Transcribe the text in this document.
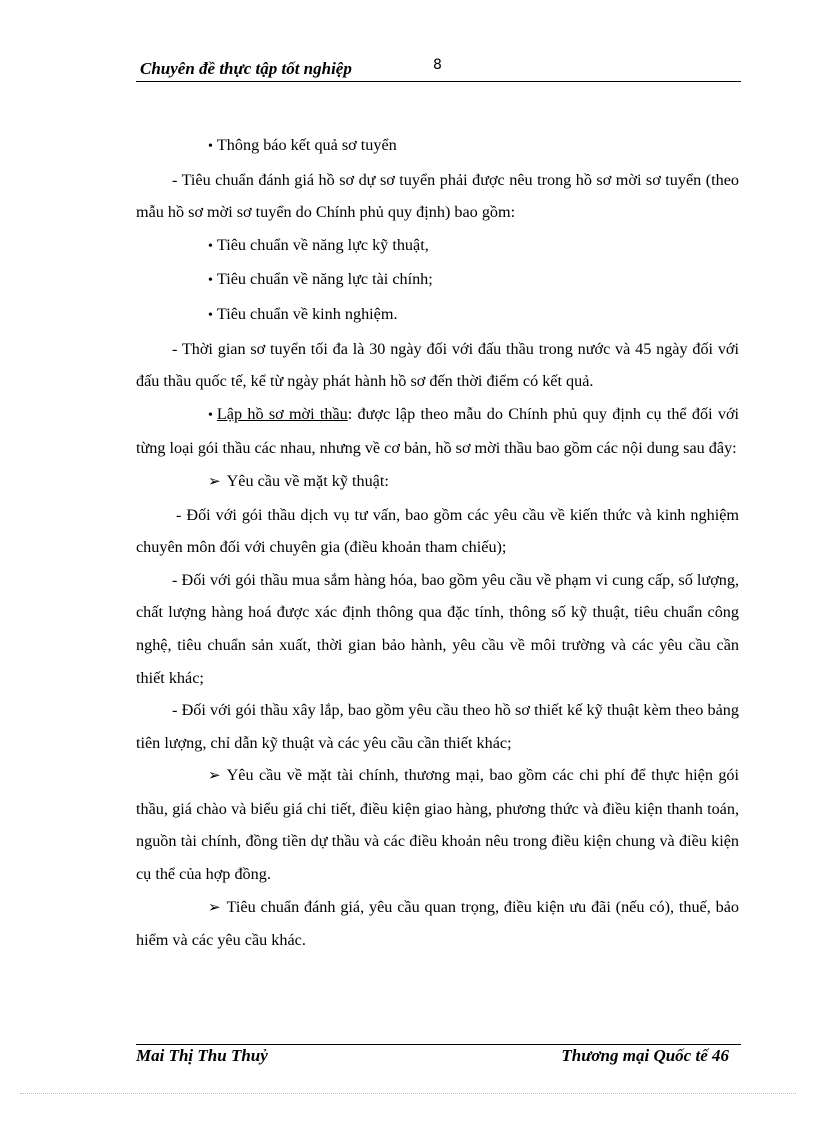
Chuyên đề thực tập tốt nghiệp	8

• Thông báo kết quả sơ tuyển

- Tiêu chuẩn đánh giá hồ sơ dự sơ tuyển phải được nêu trong hồ sơ mời sơ tuyển (theo mẫu hồ sơ mời sơ tuyển do Chính phủ quy định) bao gồm:

• Tiêu chuẩn về năng lực kỹ thuật,

• Tiêu chuẩn về năng lực tài chính;

• Tiêu chuẩn về kinh nghiệm.

- Thời gian sơ tuyển tối đa là 30 ngày đối với đấu thầu trong nước và 45 ngày đối với đấu thầu quốc tế, kể từ ngày phát hành hồ sơ đến thời điểm có kết quả.

• Lập hồ sơ mời thầu: được lập theo mẫu do Chính phủ quy định cụ thể đối với từng loại gói thầu các nhau, nhưng về cơ bản, hồ sơ mời thầu bao gồm các nội dung sau đây:

➢ Yêu cầu về mặt kỹ thuật:

- Đối với gói thầu dịch vụ tư vấn, bao gồm các yêu cầu về kiến thức và kinh nghiệm chuyên môn đối với chuyên gia (điều khoản tham chiếu);

- Đối với gói thầu mua sắm hàng hóa, bao gồm yêu cầu về phạm vi cung cấp, số lượng, chất lượng hàng hoá được xác định thông qua đặc tính, thông số kỹ thuật, tiêu chuẩn công nghệ, tiêu chuẩn sản xuất, thời gian bảo hành, yêu cầu về môi trường và các yêu cầu cần thiết khác;

- Đối với gói thầu xây lắp, bao gồm yêu cầu theo hồ sơ thiết kế kỹ thuật kèm theo bảng tiên lượng, chỉ dẫn kỹ thuật và các yêu cầu cần thiết khác;

➢ Yêu cầu về mặt tài chính, thương mại, bao gồm các chi phí để thực hiện gói thầu, giá chào và biểu giá chi tiết, điều kiện giao hàng, phương thức và điều kiện thanh toán, nguồn tài chính, đồng tiền dự thầu và các điều khoản nêu trong điều kiện chung và điều kiện cụ thể của hợp đồng.

➢ Tiêu chuẩn đánh giá, yêu cầu quan trọng, điều kiện ưu đãi (nếu có), thuế, bảo hiểm và các yêu cầu khác.

Mai Thị Thu Thuỷ	Thương mại Quốc tế 46
